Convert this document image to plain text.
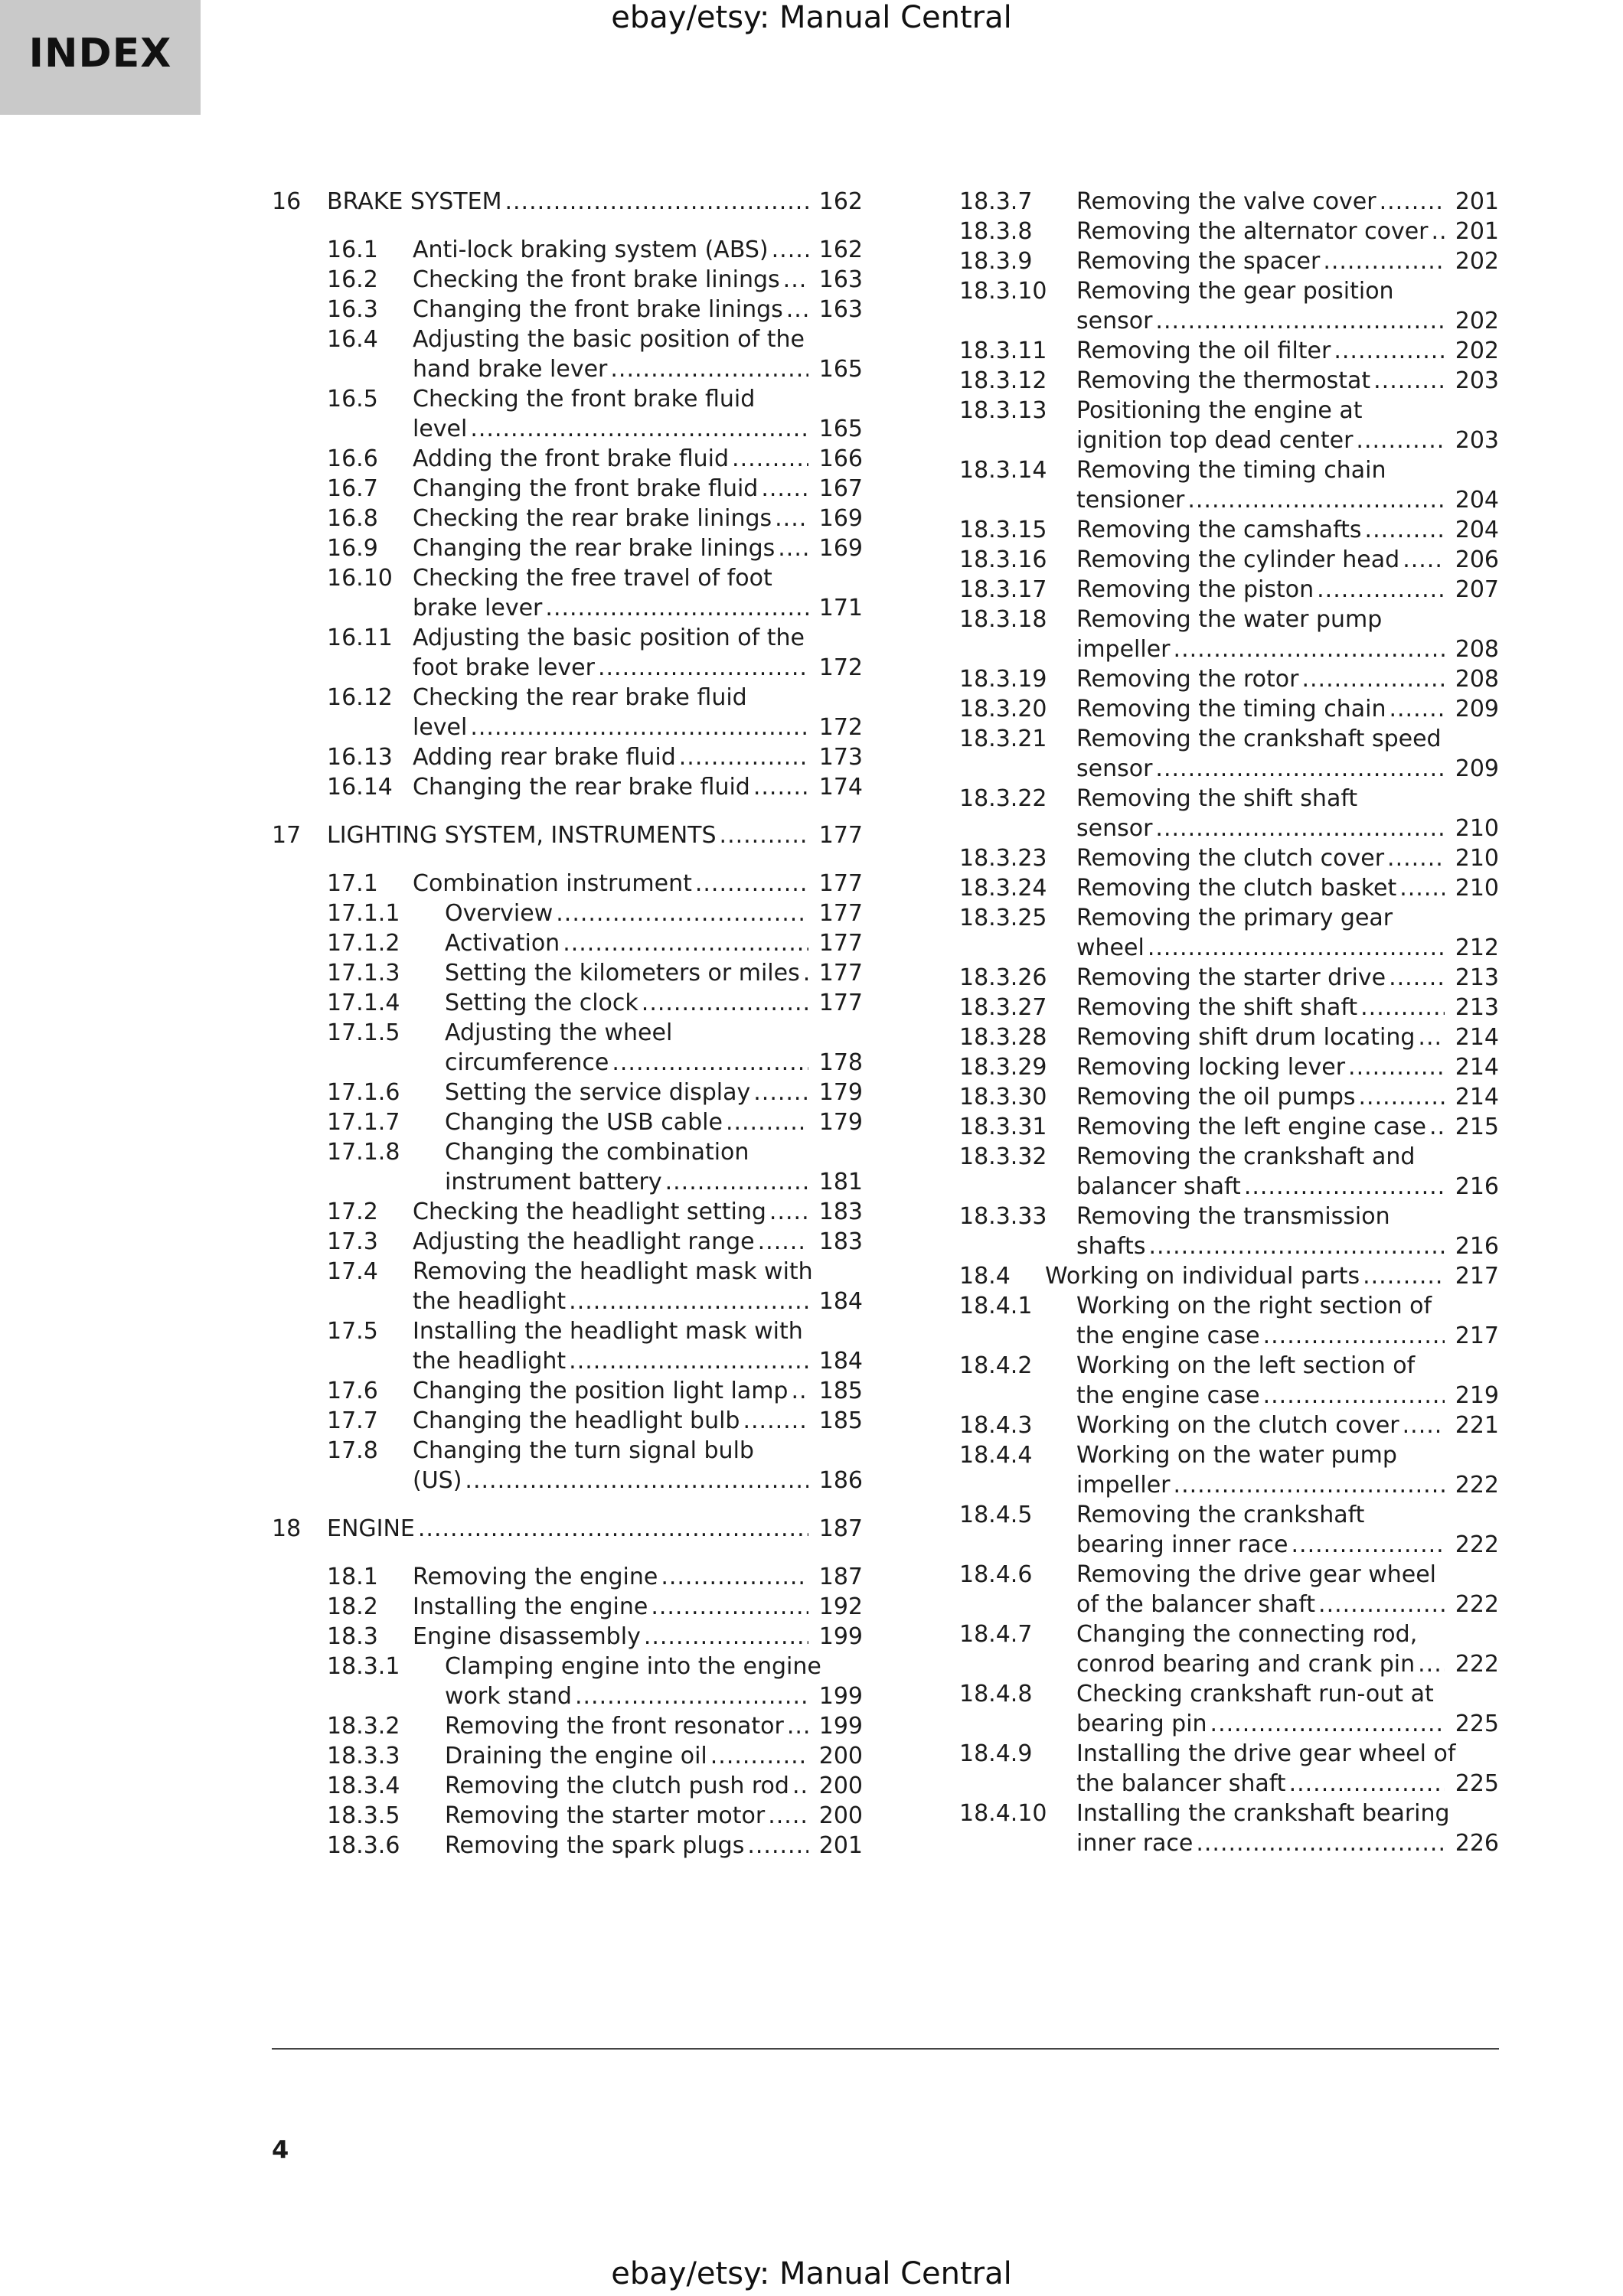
ebay/etsy: Manual Central
INDEX
16 BRAKE SYSTEM .....	162
16.1 Anti-lock braking system (ABS) .....	162
16.2 Checking the front brake linings .....	163
16.3 Changing the front brake linings .....	163
16.4 Adjusting the basic position of the
hand brake lever .....	165
16.5 Checking the front brake fluid
level .....	165
16.6 Adding the front brake fluid .....	166
16.7 Changing the front brake fluid .....	167
16.8 Checking the rear brake linings .....	169
16.9 Changing the rear brake linings .....	169
16.10 Checking the free travel of foot
brake lever .....	171
16.11 Adjusting the basic position of the
foot brake lever .....	172
16.12 Checking the rear brake fluid
level .....	172
16.13 Adding rear brake fluid .....	173
16.14 Changing the rear brake fluid .....	174
17 LIGHTING SYSTEM, INSTRUMENTS .....	177
17.1 Combination instrument .....	177
17.1.1 Overview .....	177
17.1.2 Activation .....	177
17.1.3 Setting the kilometers or miles ..... 177
17.1.4 Setting the clock .....	177
17.1.5 Adjusting the wheel
circumference .....	178
17.1.6 Setting the service display .....	179
17.1.7 Changing the USB cable .....	179
17.1.8 Changing the combination
instrument battery .....	181
17.2 Checking the headlight setting .....	183
17.3 Adjusting the headlight range .....	183
17.4 Removing the headlight mask with
the headlight .....	184
17.5 Installing the headlight mask with
the headlight .....	184
17.6 Changing the position light lamp .....	185
17.7 Changing the headlight bulb .....	185
17.8 Changing the turn signal bulb
(US) .....	186
18 ENGINE .....	187
18.1 Removing the engine .....	187
18.2 Installing the engine .....	192
18.3 Engine disassembly .....	199
18.3.1 Clamping engine into the engine
work stand .....	199
18.3.2 Removing the front resonator .....	199
18.3.3 Draining the engine oil .....	200
18.3.4 Removing the clutch push rod .....	200
18.3.5 Removing the starter motor .....	200
18.3.6 Removing the spark plugs .....	201
18.3.7 Removing the valve cover .....	201
18.3.8 Removing the alternator cover .....	201
18.3.9 Removing the spacer .....	202
18.3.10 Removing the gear position
sensor .....	202
18.3.11 Removing the oil filter .....	202
18.3.12 Removing the thermostat .....	203
18.3.13 Positioning the engine at
ignition top dead center .....	203
18.3.14 Removing the timing chain
tensioner .....	204
18.3.15 Removing the camshafts .....	204
18.3.16 Removing the cylinder head .....	206
18.3.17 Removing the piston .....	207
18.3.18 Removing the water pump
impeller .....	208
18.3.19 Removing the rotor .....	208
18.3.20 Removing the timing chain .....	209
18.3.21 Removing the crankshaft speed
sensor .....	209
18.3.22 Removing the shift shaft
sensor .....	210
18.3.23 Removing the clutch cover .....	210
18.3.24 Removing the clutch basket .....	210
18.3.25 Removing the primary gear
wheel .....	212
18.3.26 Removing the starter drive .....	213
18.3.27 Removing the shift shaft .....	213
18.3.28 Removing shift drum locating .....	214
18.3.29 Removing locking lever .....	214
18.3.30 Removing the oil pumps .....	214
18.3.31 Removing the left engine case .....	215
18.3.32 Removing the crankshaft and
balancer shaft .....	216
18.3.33 Removing the transmission
shafts .....	216
18.4 Working on individual parts .....	217
18.4.1 Working on the right section of
the engine case .....	217
18.4.2 Working on the left section of
the engine case .....	219
18.4.3 Working on the clutch cover .....	221
18.4.4 Working on the water pump
impeller .....	222
18.4.5 Removing the crankshaft
bearing inner race .....	222
18.4.6 Removing the drive gear wheel
of the balancer shaft .....	222
18.4.7 Changing the connecting rod,
conrod bearing and crank pin .....	222
18.4.8 Checking crankshaft run-out at
bearing pin .....	225
18.4.9 Installing the drive gear wheel of
the balancer shaft .....	225
18.4.10 Installing the crankshaft bearing
inner race .....	226
4
ebay/etsy: Manual Central
